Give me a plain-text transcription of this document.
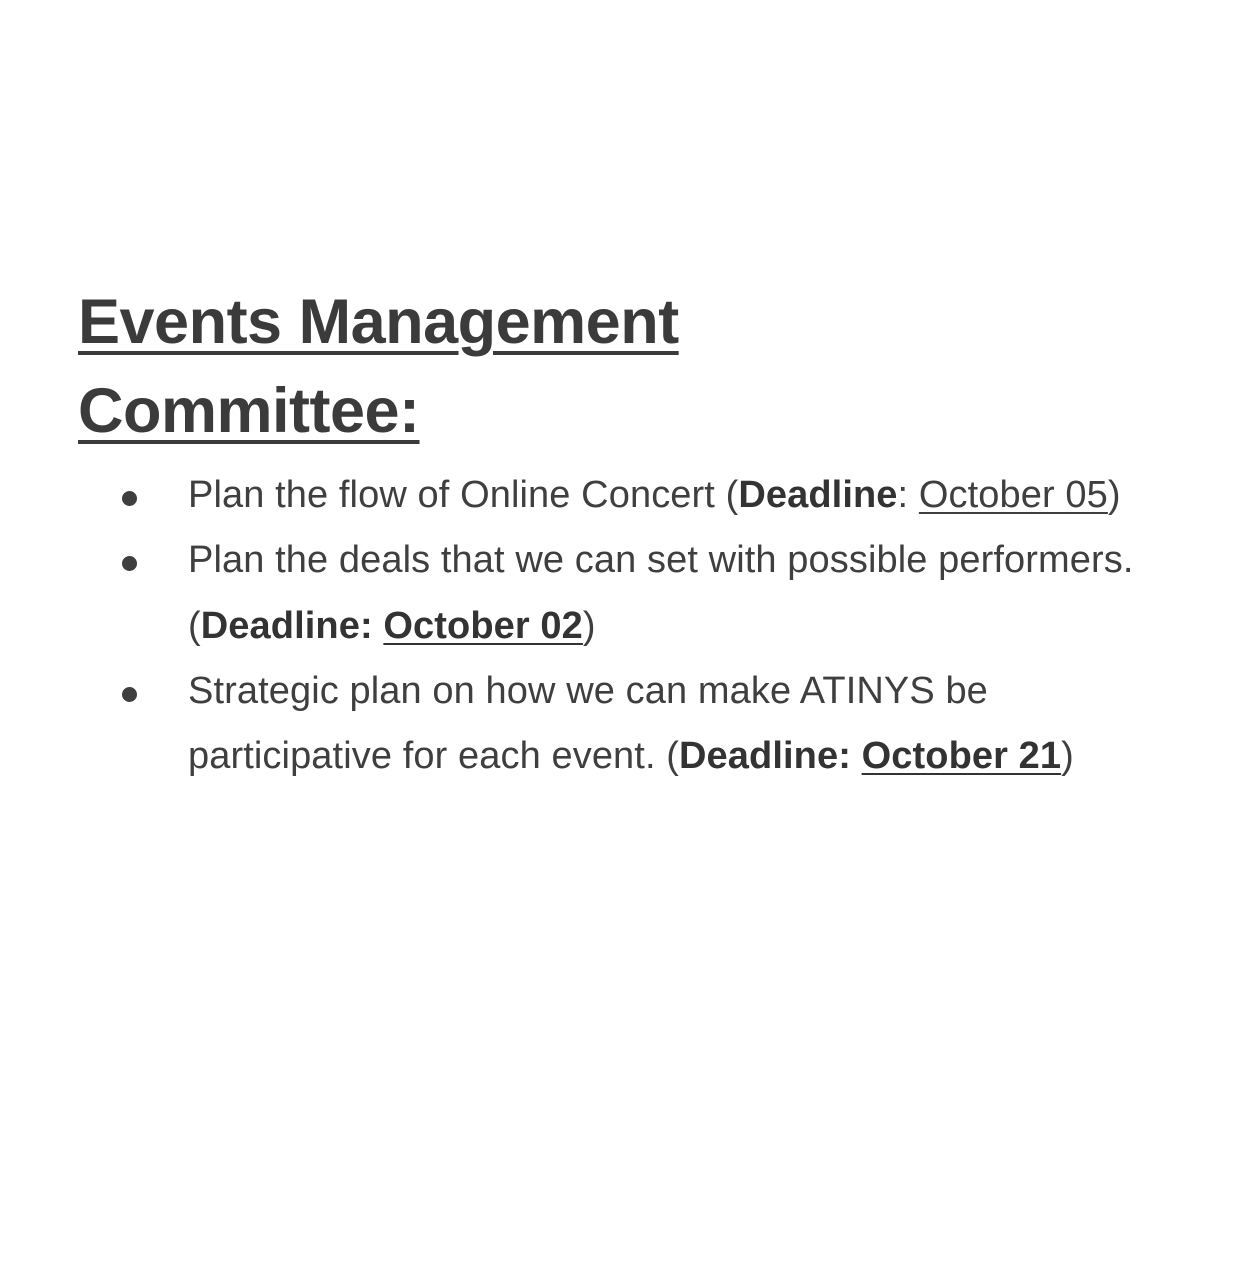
Events Management
Committee:
Plan the flow of Online Concert (Deadline: October 05)
Plan the deals that we can set with possible performers. (Deadline: October 02)
Strategic plan on how we can make ATINYS be participative for each event. (Deadline: October 21)
